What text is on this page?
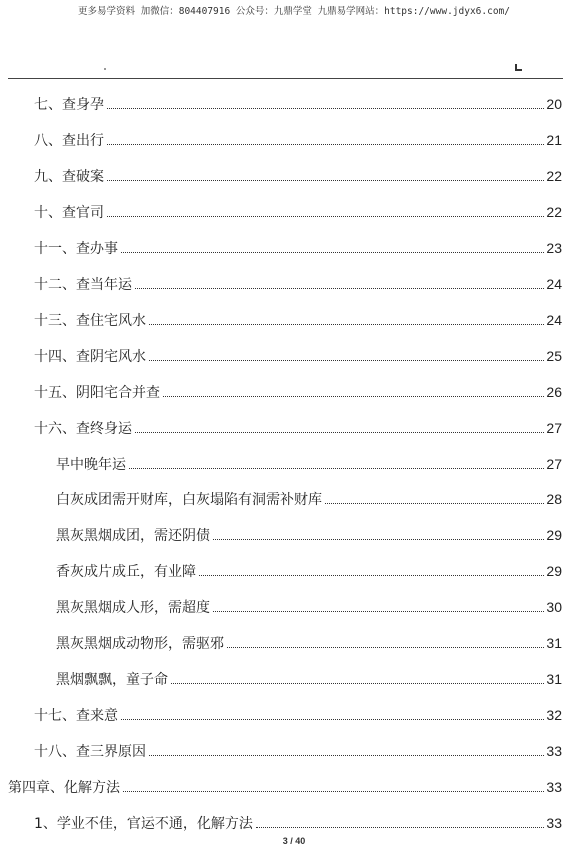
更多易学资料 加微信：804407916 公众号：九鼎学堂 九鼎易学网站：https://www.jdyx6.com/
七、查身孕	20
八、查出行	21
九、查破案	22
十、查官司	22
十一、查办事	23
十二、查当年运	24
十三、查住宅风水	24
十四、查阴宅风水	25
十五、阴阳宅合并查	26
十六、查终身运	27
早中晚年运	27
白灰成团需开财库，白灰塌陷有洞需补财库	28
黑灰黑烟成团，需还阴债	29
香灰成片成丘，有业障	29
黑灰黑烟成人形，需超度	30
黑灰黑烟成动物形，需驱邪	31
黑烟飘飘，童子命	31
十七、查来意	32
十八、查三界原因	33
第四章、化解方法	33
1、学业不佳，官运不通，化解方法	33
3 / 40
